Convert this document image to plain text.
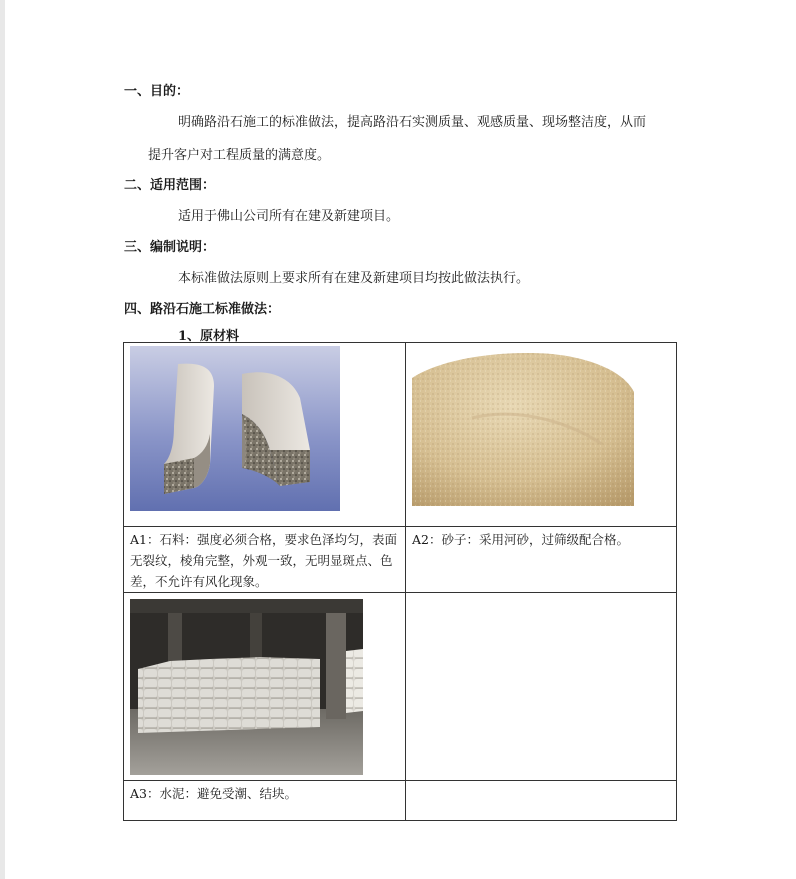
一、目的：
明确路沿石施工的标准做法，提高路沿石实测质量、观感质量、现场整洁度，从而
提升客户对工程质量的满意度。
二、适用范围：
适用于佛山公司所有在建及新建项目。
三、编制说明：
本标准做法原则上要求所有在建及新建项目均按此做法执行。
四、路沿石施工标准做法：
1、原材料

A1：石料：强度必须合格，要求色泽均匀，表面无裂纹，棱角完整，外观一致，无明显斑点、色差，不允许有风化现象。	A2：砂子：采用河砂，过筛级配合格。

A3：水泥：避免受潮、结块。	
